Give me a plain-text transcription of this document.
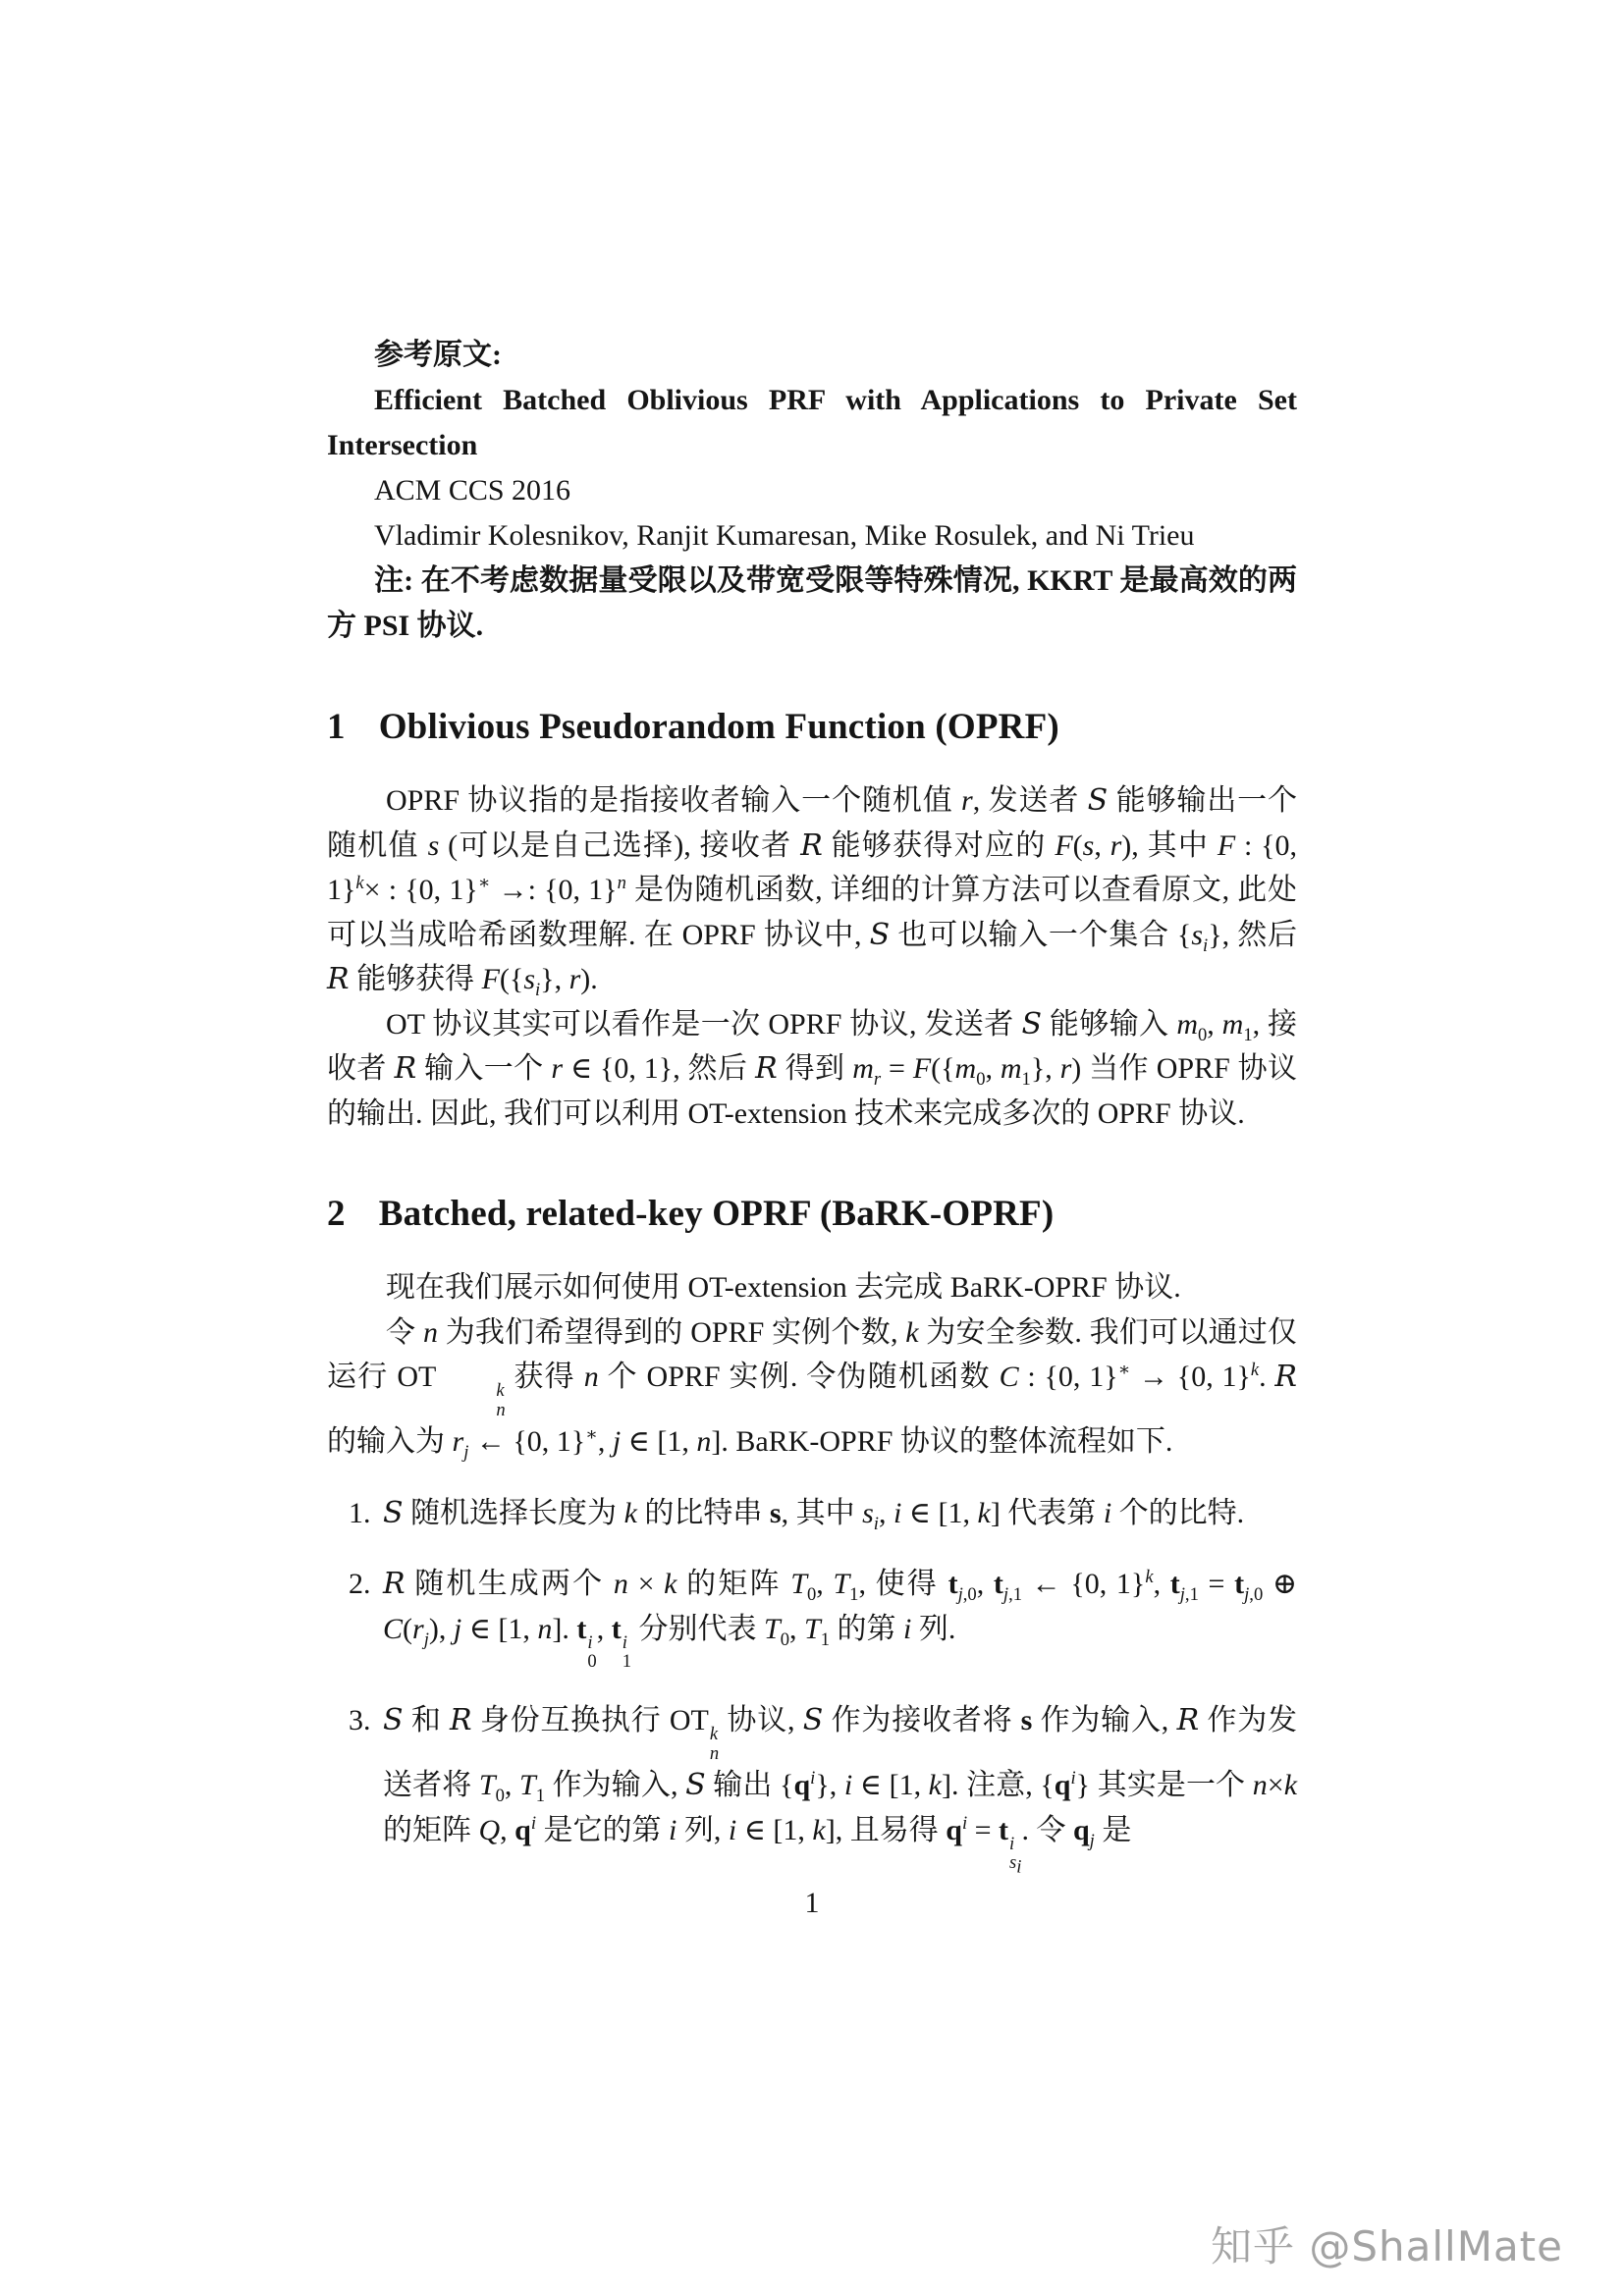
参考原文:

Efficient Batched Oblivious PRF with Applications to Private Set Intersection

ACM CCS 2016

Vladimir Kolesnikov, Ranjit Kumaresan, Mike Rosulek, and Ni Trieu

注: 在不考虑数据量受限以及带宽受限等特殊情况, KKRT 是最高效的两方 PSI 协议.

1 Oblivious Pseudorandom Function (OPRF)

OPRF 协议指的是指接收者输入一个随机值 r, 发送者 S 能够输出一个随机值 s (可以是自己选择), 接收者 R 能够获得对应的 F(s, r), 其中 F : {0, 1}$^k$× : {0, 1}∗ →: {0, 1}$^n$ 是伪随机函数, 详细的计算方法可以查看原文, 此处可以当成哈希函数理解. 在 OPRF 协议中, S 也可以输入一个集合 $\{s_i\}$, 然后 R 能够获得 $F(\{s_i\}$, r).

OT 协议其实可以看作是一次 OPRF 协议, 发送者 S 能够输入 $m_0$, $m_1$, 接收者 R 输入一个 r ∈ {0, 1}, 然后 R 得到 $m_r = F(\{m_0$, $m_1$}, r) 当作 OPRF 协议的输出. 因此, 我们可以利用 OT-extension 技术来完成多次的 OPRF 协议.

2 Batched, related-key OPRF (BaRK-OPRF)

现在我们展示如何使用 OT-extension 去完成 BaRK-OPRF 协议.

令 n 为我们希望得到的 OPRF 实例个数, k 为安全参数. 我们可以通过仅运行 OT	k
n
获得 n 个 OPRF 实例. 令伪随机函数 C : {0, 1}∗ → {0, 1}$^k$. R 的输入为 $r_j$ ← {0, 1}∗, j ∈ [1, n]. BaRK-OPRF 协议的整体流程如下.

1. S 随机选择长度为 k 的比特串 s, 其中 $s_i$, i ∈ [1, k] 代表第 i 个的比特.
2. R 随机生成两个 n × k 的矩阵 $T_0$, $T_1$, 使得 $t_{j,0}$, $t_{j,1}$ ← {0, 1}$^k$, $t_{j,1} = t_{j,0}$ ⊕ $C(r_j)$, j ∈ [1, n]. t i
0
, t i
1
分别代表 $T_0$, $T_1$ 的第 i 列.
3. S 和 R 身份互换执行 OT k
n
协议, S 作为接收者将 s 作为输入, R 作为发送者将 $T_0$, $T_1$ 作为输入, S 输出 $\{q^i\}$, i ∈ [1, k]. 注意, $\{q^i\}$ 其实是一个 n×k 的矩阵 Q, $q^i$ 是它的第 i 列, i ∈ [1, k], 且易得 $q^i = t$ i
$s_i$
. 令 $q_j$ 是
1
知乎 @ShallMate
